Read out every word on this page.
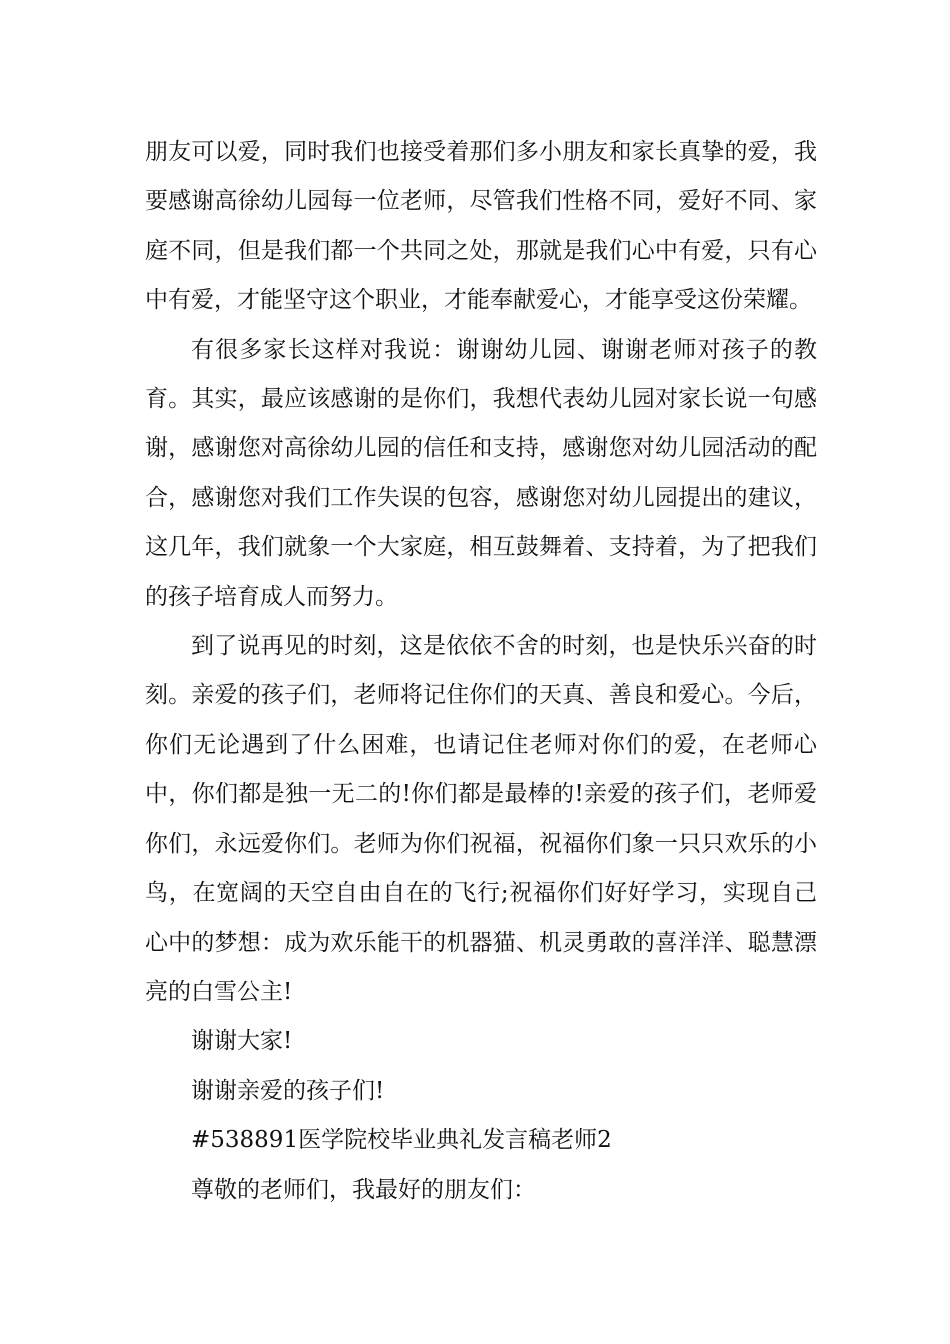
朋友可以爱，同时我们也接受着那们多小朋友和家长真挚的爱，我要感谢高徐幼儿园每一位老师，尽管我们性格不同，爱好不同、家庭不同，但是我们都一个共同之处，那就是我们心中有爱，只有心中有爱，才能坚守这个职业，才能奉献爱心，才能享受这份荣耀。

有很多家长这样对我说：谢谢幼儿园、谢谢老师对孩子的教育。其实，最应该感谢的是你们，我想代表幼儿园对家长说一句感谢，感谢您对高徐幼儿园的信任和支持，感谢您对幼儿园活动的配合，感谢您对我们工作失误的包容，感谢您对幼儿园提出的建议，这几年，我们就象一个大家庭，相互鼓舞着、支持着，为了把我们的孩子培育成人而努力。

到了说再见的时刻，这是依依不舍的时刻，也是快乐兴奋的时刻。亲爱的孩子们，老师将记住你们的天真、善良和爱心。今后，你们无论遇到了什么困难，也请记住老师对你们的爱，在老师心中，你们都是独一无二的!你们都是最棒的!亲爱的孩子们，老师爱你们，永远爱你们。老师为你们祝福，祝福你们象一只只欢乐的小鸟，在宽阔的天空自由自在的飞行;祝福你们好好学习，实现自己心中的梦想：成为欢乐能干的机器猫、机灵勇敢的喜洋洋、聪慧漂亮的白雪公主!

谢谢大家!

谢谢亲爱的孩子们!

#538891医学院校毕业典礼发言稿老师2

尊敬的老师们，我最好的朋友们：
